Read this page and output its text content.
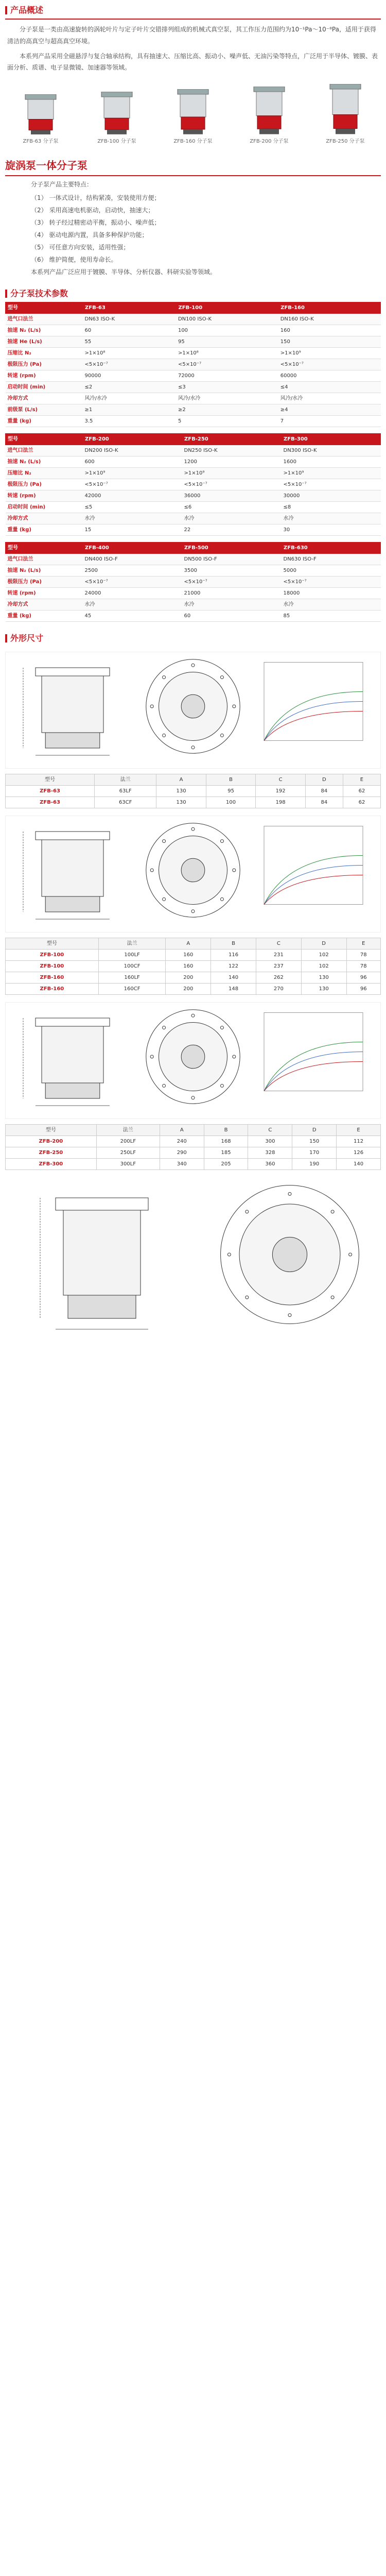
产品概述

分子泵是一类由高速旋转的涡轮叶片与定子叶片交错排列组成的机械式真空泵，其工作压力范围约为10⁻¹Pa～10⁻⁸Pa，适用于获得清洁的高真空与超高真空环境。

本系列产品采用全磁悬浮与复合轴承结构，具有抽速大、压缩比高、振动小、噪声低、无油污染等特点，广泛用于半导体、镀膜、表面分析、质谱、电子显微镜、加速器等领域。

ZFB-63 分子泵	ZFB-100 分子泵	ZFB-160 分子泵	ZFB-200 分子泵	ZFB-250 分子泵
旋涡泵一体分子泵
分子泵产品主要特点：
（1） 一体式设计，结构紧凑，安装使用方便；
（2） 采用高速电机驱动，启动快，抽速大；
（3） 转子经过精密动平衡，振动小、噪声低；
（4） 驱动电源内置，具备多种保护功能；
（5） 可任意方向安装，适用性强；
（6） 维护简便，使用寿命长。
本系列产品广泛应用于镀膜、半导体、分析仪器、科研实验等领域。
分子泵技术参数
型号	ZFB-63	ZFB-100	ZFB-160
进气口法兰	DN63 ISO-K	DN100 ISO-K	DN160 ISO-K
抽速 N₂ (L/s)	60	100	160
抽速 He (L/s)	55	95	150
压缩比 N₂	>1×10⁸	>1×10⁸	>1×10⁹
极限压力 (Pa)	<5×10⁻⁷	<5×10⁻⁷	<5×10⁻⁷
转速 (rpm)	90000	72000	60000
启动时间 (min)	≤2	≤3	≤4
冷却方式	风冷/水冷	风冷/水冷	风冷/水冷
前级泵 (L/s)	≥1	≥2	≥4
重量 (kg)	3.5	5	7
型号	ZFB-200	ZFB-250	ZFB-300
进气口法兰	DN200 ISO-K	DN250 ISO-K	DN300 ISO-K
抽速 N₂ (L/s)	600	1200	1600
压缩比 N₂	>1×10⁹	>1×10⁹	>1×10⁹
极限压力 (Pa)	<5×10⁻⁷	<5×10⁻⁷	<5×10⁻⁷
转速 (rpm)	42000	36000	30000
启动时间 (min)	≤5	≤6	≤8
冷却方式	水冷	水冷	水冷
重量 (kg)	15	22	30
型号	ZFB-400	ZFB-500	ZFB-630
进气口法兰	DN400 ISO-F	DN500 ISO-F	DN630 ISO-F
抽速 N₂ (L/s)	2500	3500	5000
极限压力 (Pa)	<5×10⁻⁷	<5×10⁻⁷	<5×10⁻⁷
转速 (rpm)	24000	21000	18000
冷却方式	水冷	水冷	水冷
重量 (kg)	45	60	85
外形尺寸
型号	法兰	A	B	C	D	E
ZFB-63	63LF	130	95	192	84	62
ZFB-63	63CF	130	100	198	84	62
型号	法兰	A	B	C	D	E
ZFB-100	100LF	160	116	231	102	78
ZFB-100	100CF	160	122	237	102	78
ZFB-160	160LF	200	140	262	130	96
ZFB-160	160CF	200	148	270	130	96
型号	法兰	A	B	C	D	E
ZFB-200	200LF	240	168	300	150	112
ZFB-250	250LF	290	185	328	170	126
ZFB-300	300LF	340	205	360	190	140
